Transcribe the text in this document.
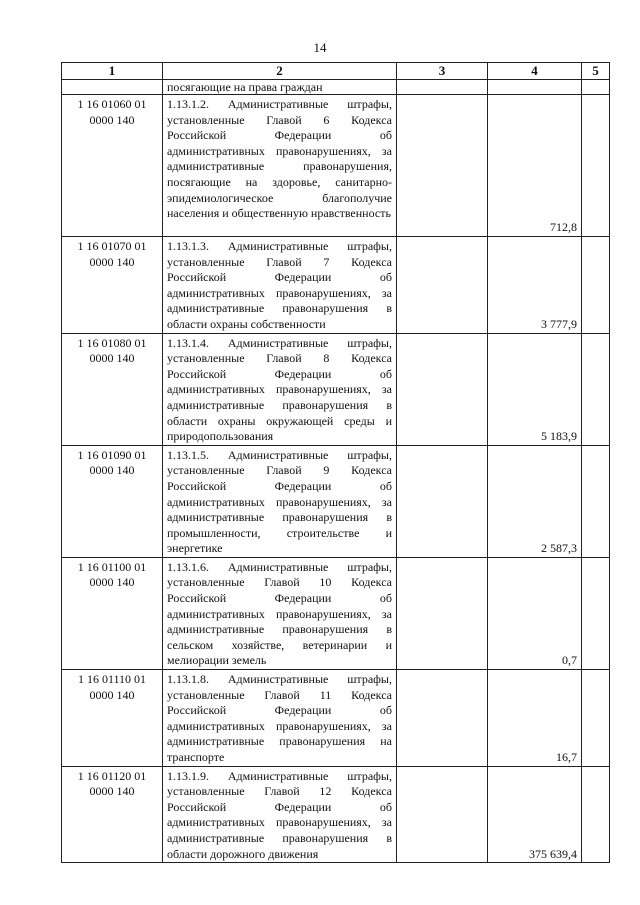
14
1	2	3	4	5
	посягающие на права граждан			

1 16 01060 01
0000 140	1.13.1.2. Административные штрафы, установленные Главой 6 Кодекса Российской Федерации об административных правонарушениях, за административные правонарушения, посягающие на здоровье, санитарно-эпидемиологическое благополучие населения и общественную нравственность		712,8	

1 16 01070 01
0000 140	1.13.1.3. Административные штрафы, установленные Главой 7 Кодекса Российской Федерации об административных правонарушениях, за административные правонарушения в области охраны собственности		3 777,9	

1 16 01080 01
0000 140	1.13.1.4. Административные штрафы, установленные Главой 8 Кодекса Российской Федерации об административных правонарушениях, за административные правонарушения в области охраны окружающей среды и природопользования		5 183,9	

1 16 01090 01
0000 140	1.13.1.5. Административные штрафы, установленные Главой 9 Кодекса Российской Федерации об административных правонарушениях, за административные правонарушения в промышленности, строительстве и энергетике		2 587,3	

1 16 01100 01
0000 140	1.13.1.6. Административные штрафы, установленные Главой 10 Кодекса Российской Федерации об административных правонарушениях, за административные правонарушения в сельском хозяйстве, ветеринарии и мелиорации земель		0,7	

1 16 01110 01
0000 140	1.13.1.8. Административные штрафы, установленные Главой 11 Кодекса Российской Федерации об административных правонарушениях, за административные правонарушения на транспорте		16,7	

1 16 01120 01
0000 140	1.13.1.9. Административные штрафы, установленные Главой 12 Кодекса Российской Федерации об административных правонарушениях, за административные правонарушения в области дорожного движения		375 639,4	
